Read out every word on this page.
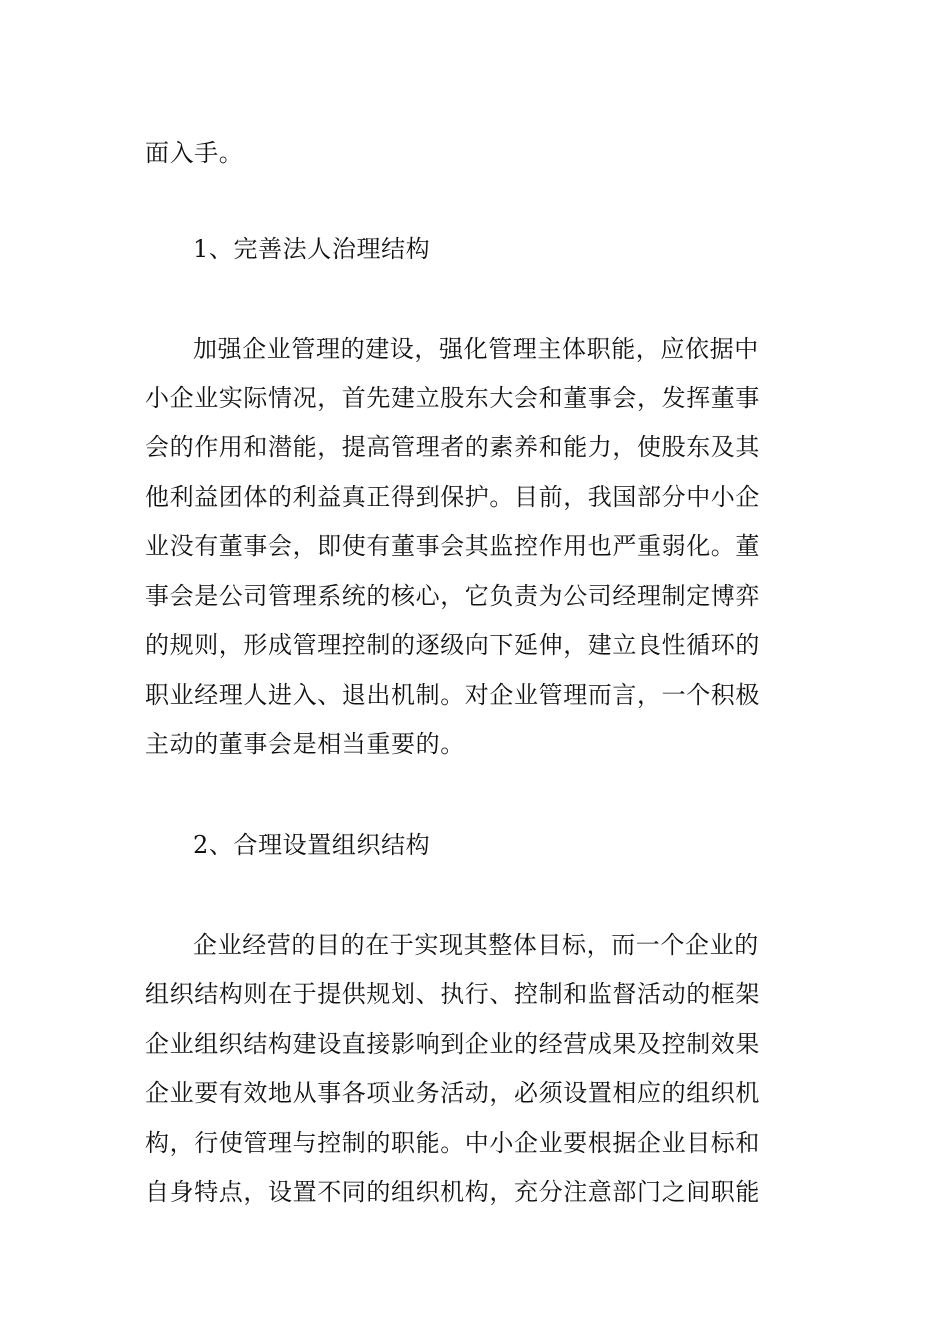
面入手。
1、完善法人治理结构
加强企业管理的建设，强化管理主体职能，应依据中
小企业实际情况，首先建立股东大会和董事会，发挥董事
会的作用和潜能，提高管理者的素养和能力，使股东及其
他利益团体的利益真正得到保护。目前，我国部分中小企
业没有董事会，即使有董事会其监控作用也严重弱化。董
事会是公司管理系统的核心，它负责为公司经理制定博弈
的规则，形成管理控制的逐级向下延伸，建立良性循环的
职业经理人进入、退出机制。对企业管理而言，一个积极
主动的董事会是相当重要的。
2、合理设置组织结构
企业经营的目的在于实现其整体目标，而一个企业的
组织结构则在于提供规划、执行、控制和监督活动的框架
企业组织结构建设直接影响到企业的经营成果及控制效果
企业要有效地从事各项业务活动，必须设置相应的组织机
构，行使管理与控制的职能。中小企业要根据企业目标和
自身特点，设置不同的组织机构，充分注意部门之间职能
